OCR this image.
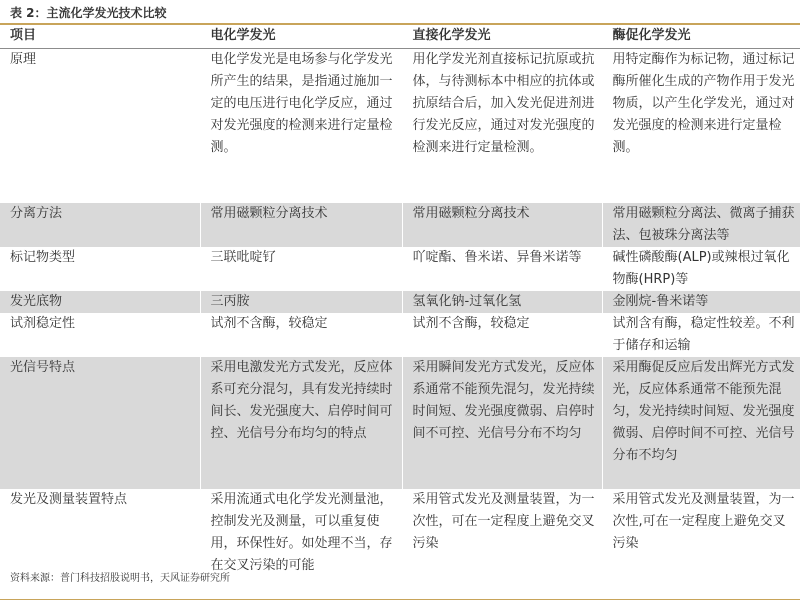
表 2：主流化学发光技术比较
项目	电化学发光	直接化学发光	酶促化学发光
原理	电化学发光是电场参与化学发光所产生的结果，是指通过施加一定的电压进行电化学反应，通过对发光强度的检测来进行定量检测。	用化学发光剂直接标记抗原或抗体，与待测标本中相应的抗体或抗原结合后，加入发光促进剂进行发光反应，通过对发光强度的检测来进行定量检测。	用特定酶作为标记物，通过标记酶所催化生成的产物作用于发光物质，以产生化学发光，通过对发光强度的检测来进行定量检测。
分离方法	常用磁颗粒分离技术	常用磁颗粒分离技术	常用磁颗粒分离法、微离子捕获法、包被珠分离法等
标记物类型	三联吡啶钌	吖啶酯、鲁米诺、异鲁米诺等	碱性磷酸酶(ALP)或辣根过氧化物酶(HRP)等
发光底物	三丙胺	氢氧化钠-过氧化氢	金刚烷-鲁米诺等
试剂稳定性	试剂不含酶，较稳定	试剂不含酶，较稳定	试剂含有酶，稳定性较差。不利于储存和运输
光信号特点	采用电激发光方式发光，反应体系可充分混匀，具有发光持续时间长、发光强度大、启停时间可控、光信号分布均匀的特点	采用瞬间发光方式发光，反应体系通常不能预先混匀，发光持续时间短、发光强度微弱、启停时间不可控、光信号分布不均匀	采用酶促反应后发出辉光方式发光，反应体系通常不能预先混匀，发光持续时间短、发光强度微弱、启停时间不可控、光信号分布不均匀
发光及测量装置特点	采用流通式电化学发光测量池，控制发光及测量，可以重复使用，环保性好。如处理不当，存在交叉污染的可能	采用管式发光及测量装置，为一次性，可在一定程度上避免交叉污染	采用管式发光及测量装置，为一次性,可在一定程度上避免交叉污染
资料来源：普门科技招股说明书，天风证券研究所
